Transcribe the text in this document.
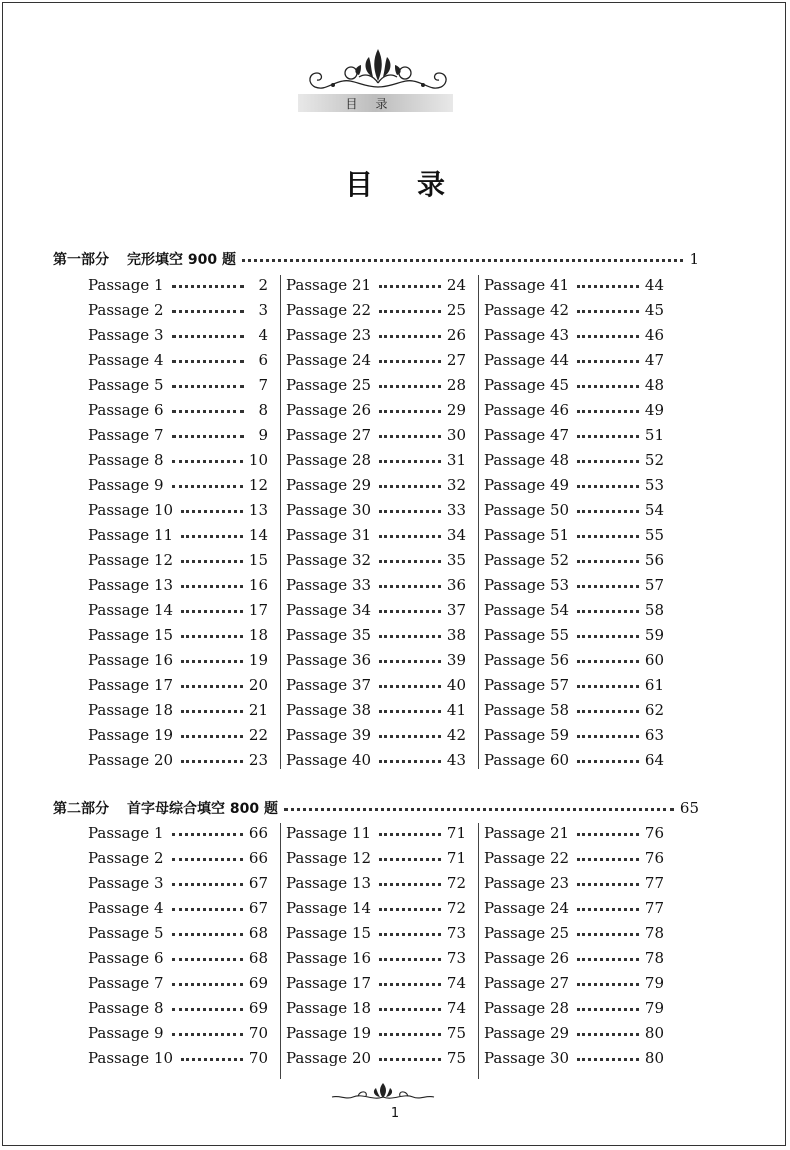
目录
目录
第一部分 完形填空 900 题	1
Passage 1	2
Passage 2	3
Passage 3	4
Passage 4	6
Passage 5	7
Passage 6	8
Passage 7	9
Passage 8	10
Passage 9	12
Passage 10	13
Passage 11	14
Passage 12	15
Passage 13	16
Passage 14	17
Passage 15	18
Passage 16	19
Passage 17	20
Passage 18	21
Passage 19	22
Passage 20	23
Passage 21	24
Passage 22	25
Passage 23	26
Passage 24	27
Passage 25	28
Passage 26	29
Passage 27	30
Passage 28	31
Passage 29	32
Passage 30	33
Passage 31	34
Passage 32	35
Passage 33	36
Passage 34	37
Passage 35	38
Passage 36	39
Passage 37	40
Passage 38	41
Passage 39	42
Passage 40	43
Passage 41	44
Passage 42	45
Passage 43	46
Passage 44	47
Passage 45	48
Passage 46	49
Passage 47	51
Passage 48	52
Passage 49	53
Passage 50	54
Passage 51	55
Passage 52	56
Passage 53	57
Passage 54	58
Passage 55	59
Passage 56	60
Passage 57	61
Passage 58	62
Passage 59	63
Passage 60	64
第二部分 首字母综合填空 800 题	65
Passage 1	66
Passage 2	66
Passage 3	67
Passage 4	67
Passage 5	68
Passage 6	68
Passage 7	69
Passage 8	69
Passage 9	70
Passage 10	70
Passage 11	71
Passage 12	71
Passage 13	72
Passage 14	72
Passage 15	73
Passage 16	73
Passage 17	74
Passage 18	74
Passage 19	75
Passage 20	75
Passage 21	76
Passage 22	76
Passage 23	77
Passage 24	77
Passage 25	78
Passage 26	78
Passage 27	79
Passage 28	79
Passage 29	80
Passage 30	80
1
